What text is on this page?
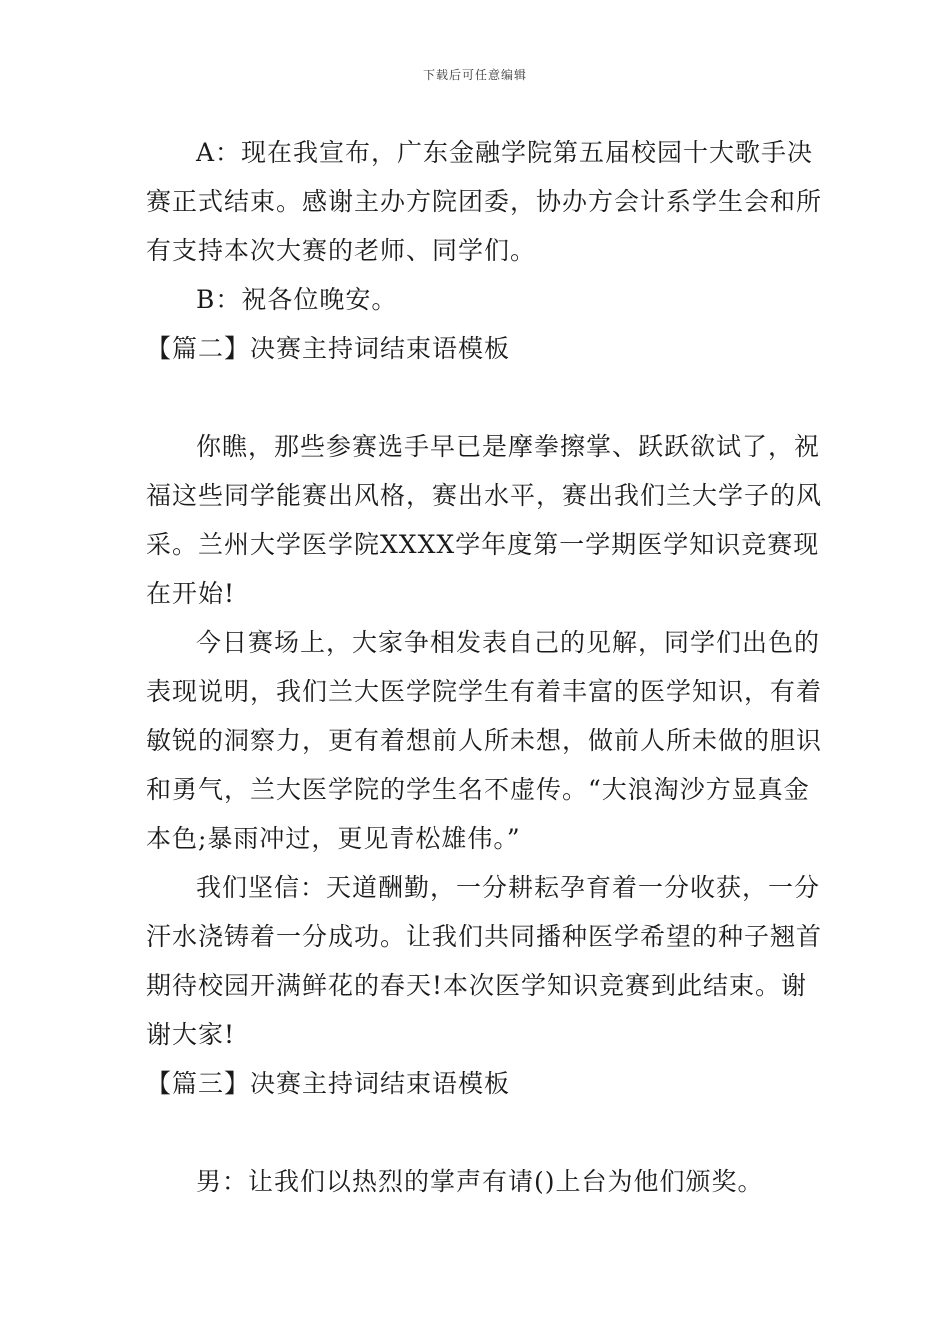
下载后可任意编辑

A：现在我宣布，广东金融学院第五届校园十大歌手决赛正式结束。感谢主办方院团委，协办方会计系学生会和所有支持本次大赛的老师、同学们。

B：祝各位晚安。

【篇二】决赛主持词结束语模板

你瞧，那些参赛选手早已是摩拳擦掌、跃跃欲试了，祝福这些同学能赛出风格，赛出水平，赛出我们兰大学子的风采。兰州大学医学院XXXX学年度第一学期医学知识竞赛现在开始!

今日赛场上，大家争相发表自己的见解，同学们出色的表现说明，我们兰大医学院学生有着丰富的医学知识，有着敏锐的洞察力，更有着想前人所未想，做前人所未做的胆识和勇气，兰大医学院的学生名不虚传。“大浪淘沙方显真金本色;暴雨冲过，更见青松雄伟。”

我们坚信：天道酬勤，一分耕耘孕育着一分收获，一分汗水浇铸着一分成功。让我们共同播种医学希望的种子翘首期待校园开满鲜花的春天!本次医学知识竞赛到此结束。谢谢大家!

【篇三】决赛主持词结束语模板

男：让我们以热烈的掌声有请()上台为他们颁奖。
